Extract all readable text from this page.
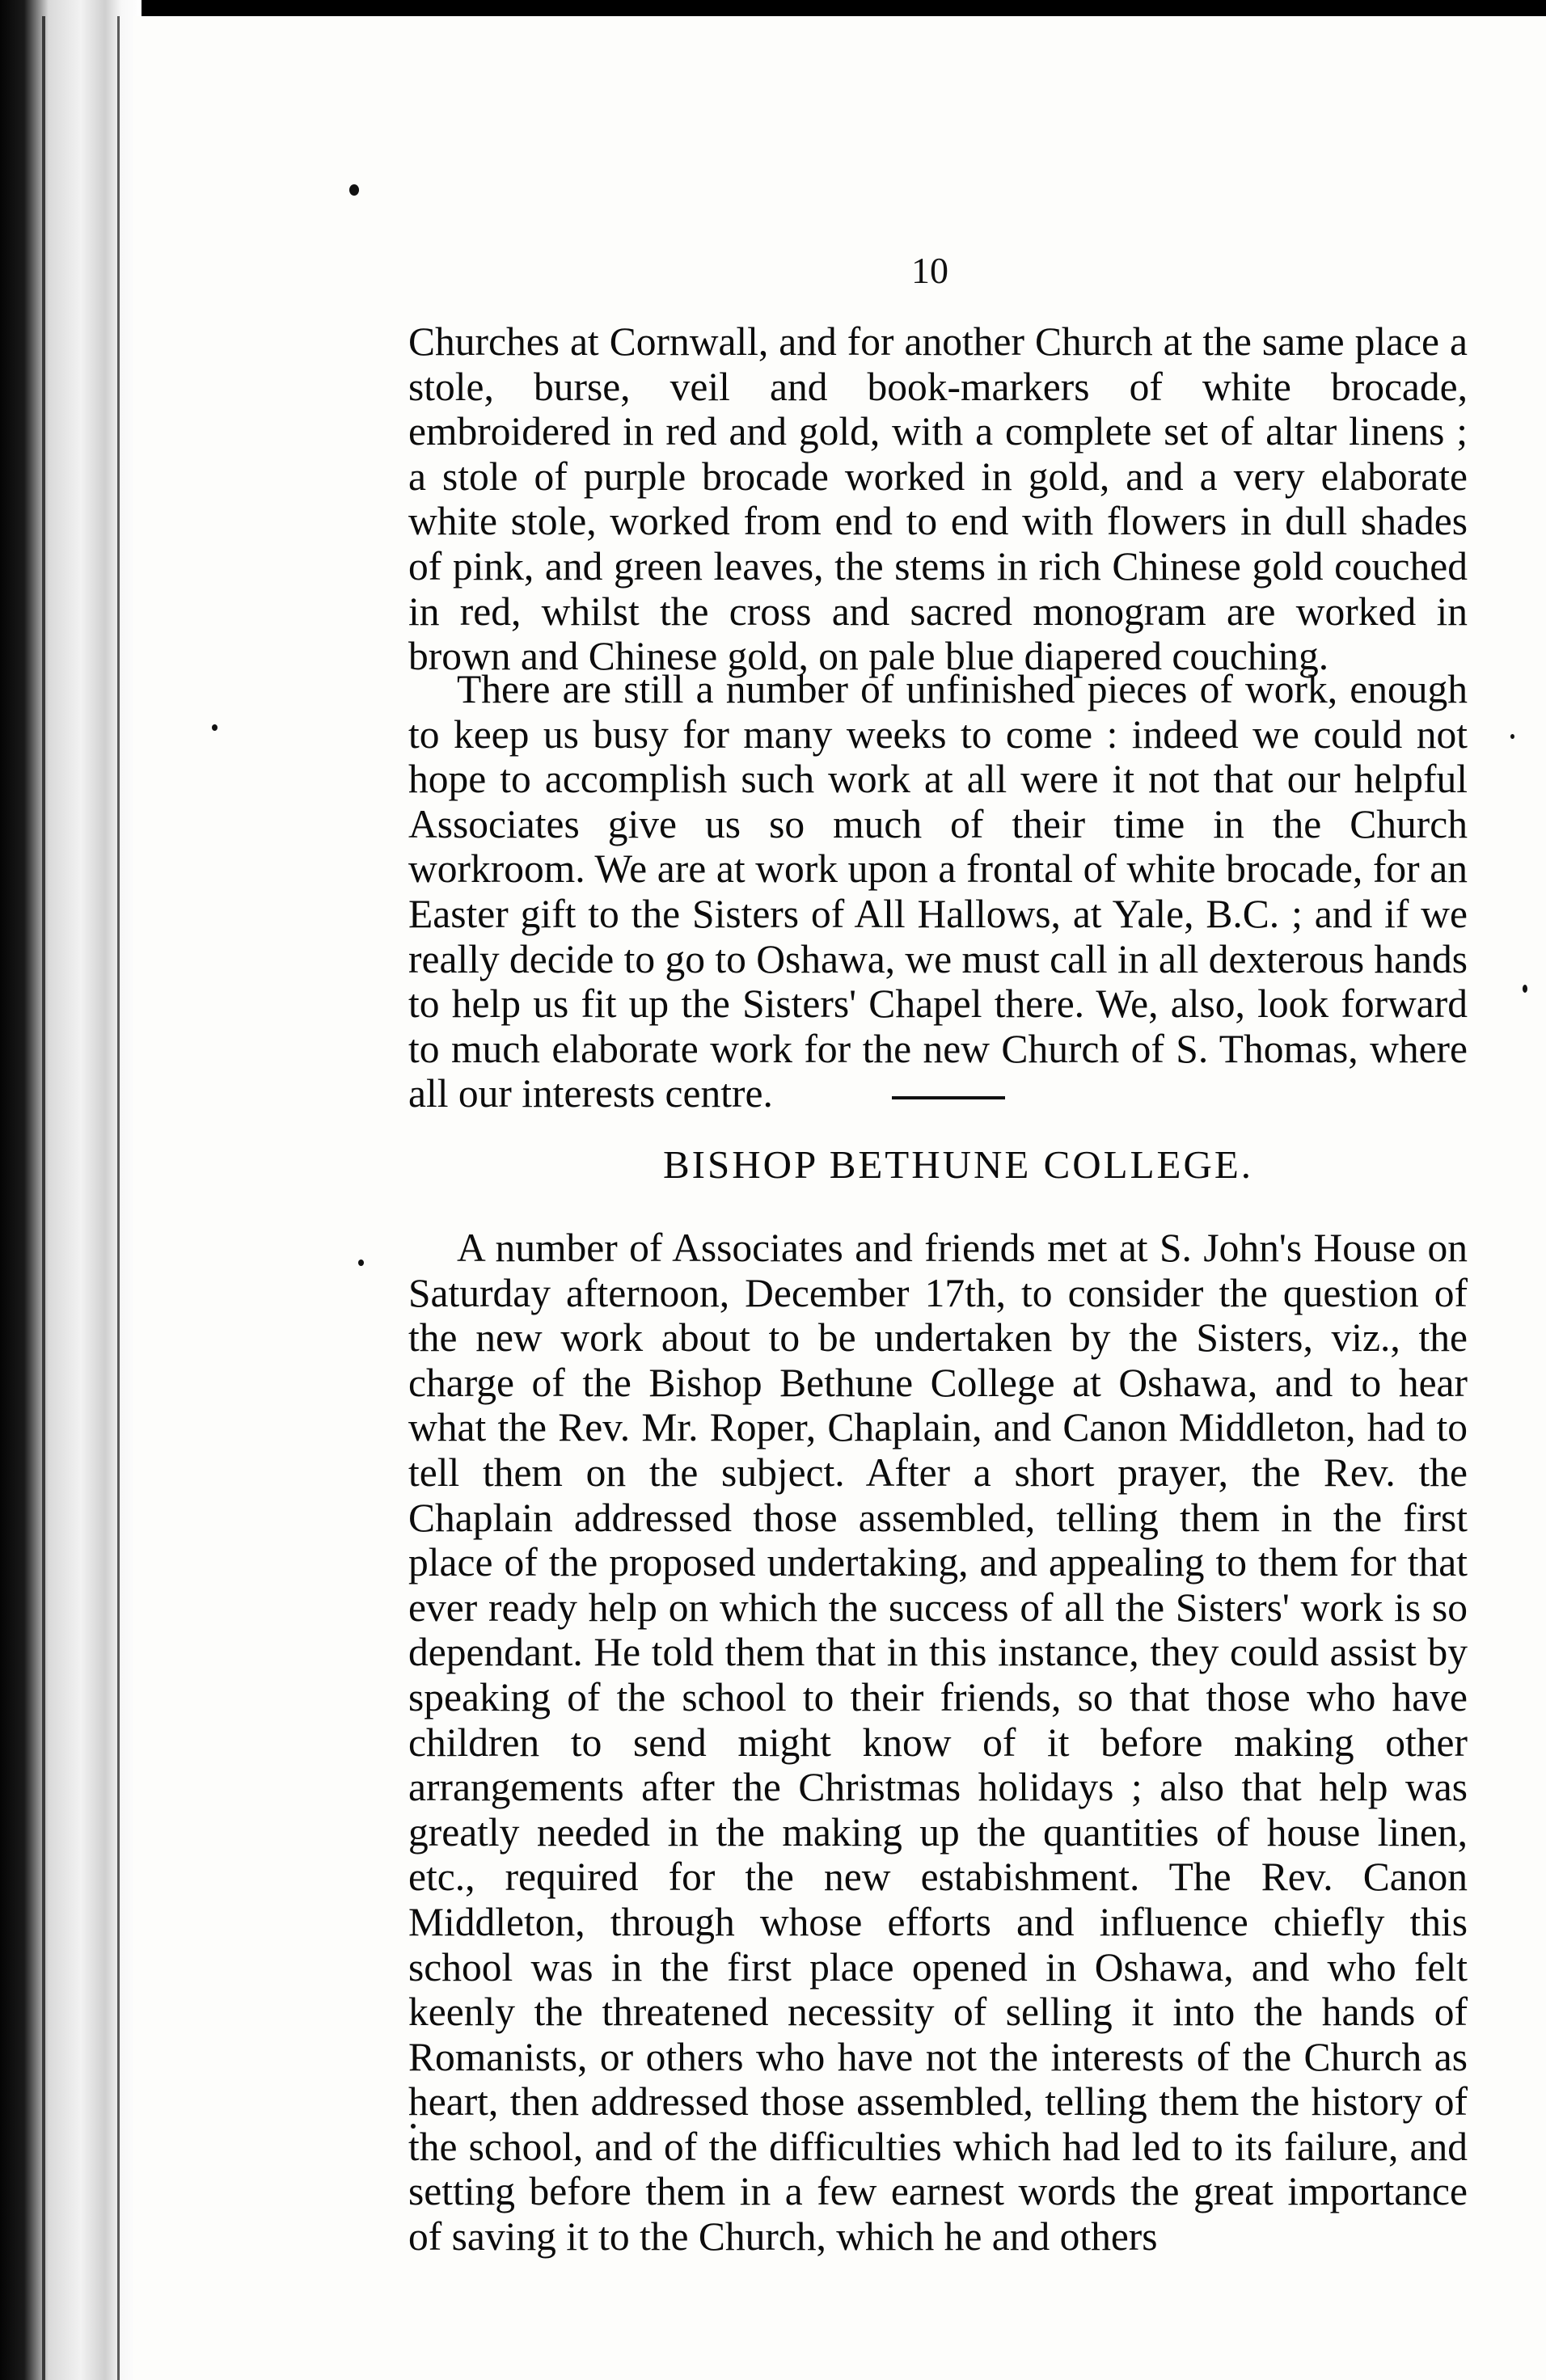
10

Churches at Cornwall, and for another Church at the same place a stole, burse, veil and book-markers of white brocade, embroidered in red and gold, with a complete set of altar linens ; a stole of purple brocade worked in gold, and a very elaborate white stole, worked from end to end with flowers in dull shades of pink, and green leaves, the stems in rich Chinese gold couched in red, whilst the cross and sacred monogram are worked in brown and Chinese gold, on pale blue diapered couching.

There are still a number of unfinished pieces of work, enough to keep us busy for many weeks to come : indeed we could not hope to accomplish such work at all were it not that our helpful Associates give us so much of their time in the Church workroom. We are at work upon a frontal of white brocade, for an Easter gift to the Sisters of All Hallows, at Yale, B.C. ; and if we really decide to go to Oshawa, we must call in all dexterous hands to help us fit up the Sisters' Chapel there. We, also, look forward to much elaborate work for the new Church of S. Thomas, where all our interests centre.

BISHOP BETHUNE COLLEGE.

A number of Associates and friends met at S. John's House on Saturday afternoon, December 17th, to consider the question of the new work about to be undertaken by the Sisters, viz., the charge of the Bishop Bethune College at Oshawa, and to hear what the Rev. Mr. Roper, Chaplain, and Canon Middleton, had to tell them on the subject. After a short prayer, the Rev. the Chaplain addressed those assembled, telling them in the first place of the proposed undertaking, and appealing to them for that ever ready help on which the success of all the Sisters' work is so dependant. He told them that in this instance, they could assist by speaking of the school to their friends, so that those who have children to send might know of it before making other arrangements after the Christmas holidays ; also that help was greatly needed in the making up the quantities of house linen, etc., required for the new estabishment. The Rev. Canon Middleton, through whose efforts and influence chiefly this school was in the first place opened in Oshawa, and who felt keenly the threatened necessity of selling it into the hands of Romanists, or others who have not the interests of the Church as heart, then addressed those assembled, telling them the history of the school, and of the difficulties which had led to its failure, and setting before them in a few earnest words the great importance of saving it to the Church, which he and others
